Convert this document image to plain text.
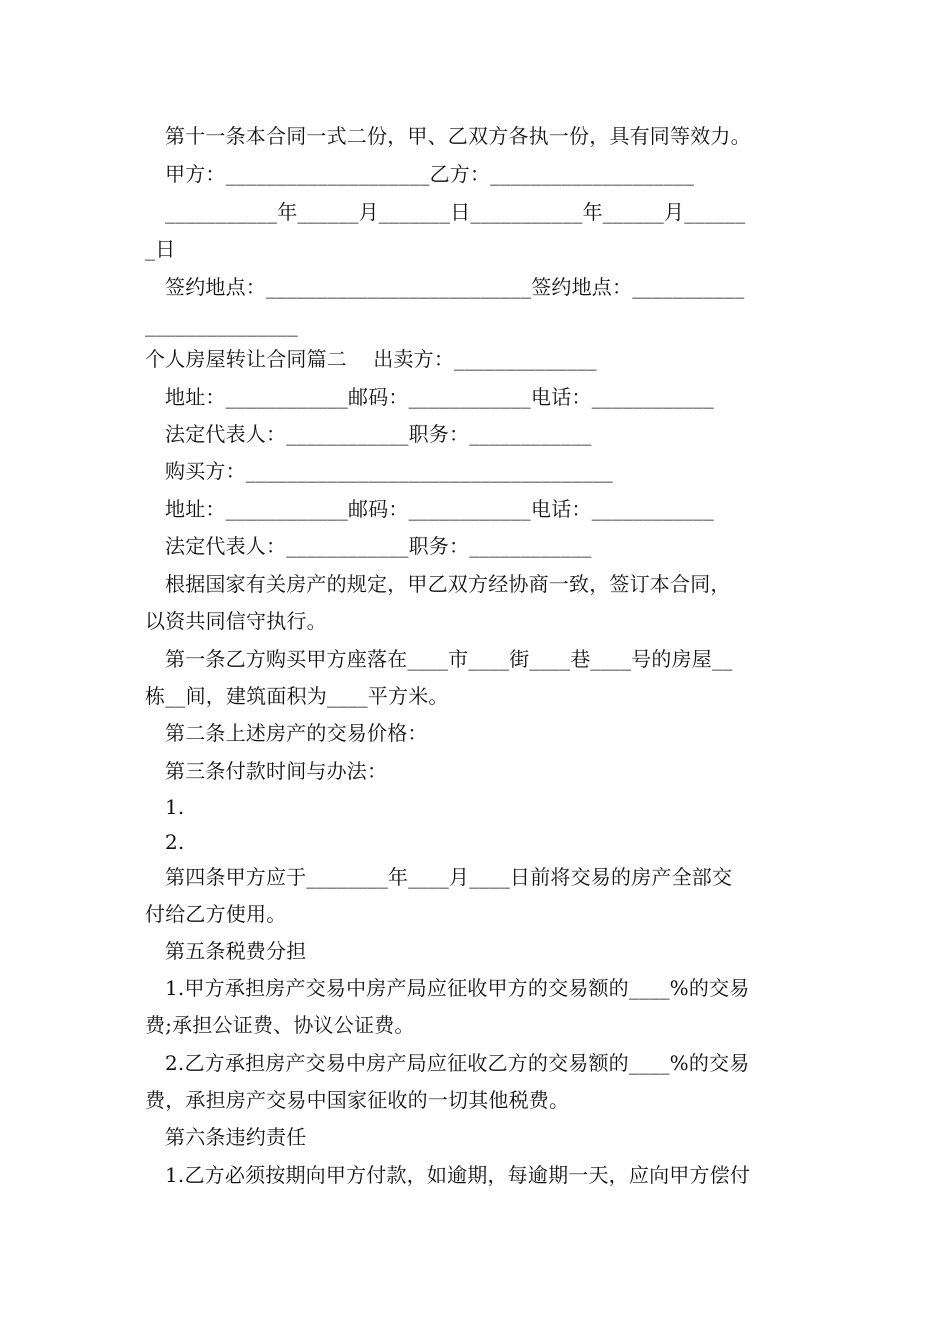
第十一条本合同一式二份，甲、乙双方各执一份，具有同等效力。
甲方：____________________乙方：____________________
___________年______月_______日___________年______月______
_日
签约地点：__________________________签约地点：___________
_______________
个人房屋转让合同篇二    出卖方：______________
地址：____________邮码：____________电话：____________
法定代表人：____________职务：____________
购买方：____________________________________
地址：____________邮码：____________电话：____________
法定代表人：____________职务：____________
根据国家有关房产的规定，甲乙双方经协商一致，签订本合同，
以资共同信守执行。
第一条乙方购买甲方座落在____市____街____巷____号的房屋__
栋__间，建筑面积为____平方米。
第二条上述房产的交易价格：
第三条付款时间与办法：
1.
2.
第四条甲方应于________年____月____日前将交易的房产全部交
付给乙方使用。
第五条税费分担
1.甲方承担房产交易中房产局应征收甲方的交易额的____%的交易
费;承担公证费、协议公证费。
2.乙方承担房产交易中房产局应征收乙方的交易额的____%的交易
费，承担房产交易中国家征收的一切其他税费。
第六条违约责任
1.乙方必须按期向甲方付款，如逾期，每逾期一天，应向甲方偿付
